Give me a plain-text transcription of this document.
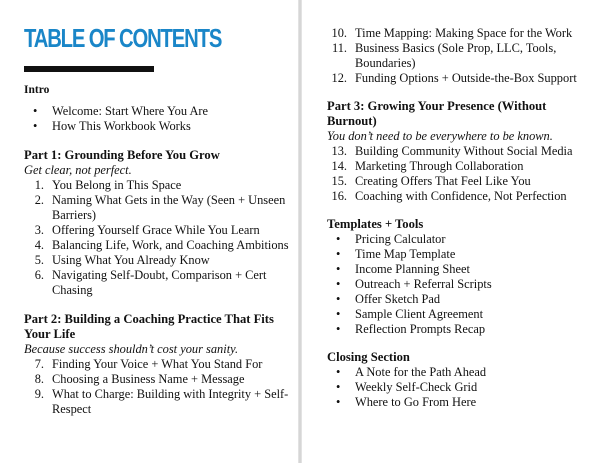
TABLE OF CONTENTS

Intro

• Welcome: Start Where You Are
• How This Workbook Works

Part 1: Grounding Before You Grow

Get clear, not perfect.

1. You Belong in This Space
2. Naming What Gets in the Way (Seen + Unseen Barriers)
3. Offering Yourself Grace While You Learn
4. Balancing Life, Work, and Coaching Ambitions
5. Using What You Already Know
6. Navigating Self-Doubt, Comparison + Cert Chasing

Part 2: Building a Coaching Practice That Fits Your Life

Because success shouldn’t cost your sanity.

7. Finding Your Voice + What You Stand For
8. Choosing a Business Name + Message
9. What to Charge: Building with Integrity + Self-Respect
10. Time Mapping: Making Space for the Work
11. Business Basics (Sole Prop, LLC, Tools, Boundaries)
12. Funding Options + Outside-the-Box Support

Part 3: Growing Your Presence (Without Burnout)

You don’t need to be everywhere to be known.

13. Building Community Without Social Media
14. Marketing Through Collaboration
15. Creating Offers That Feel Like You
16. Coaching with Confidence, Not Perfection

Templates + Tools

• Pricing Calculator
• Time Map Template
• Income Planning Sheet
• Outreach + Referral Scripts
• Offer Sketch Pad
• Sample Client Agreement
• Reflection Prompts Recap

Closing Section

• A Note for the Path Ahead
• Weekly Self-Check Grid
• Where to Go From Here
